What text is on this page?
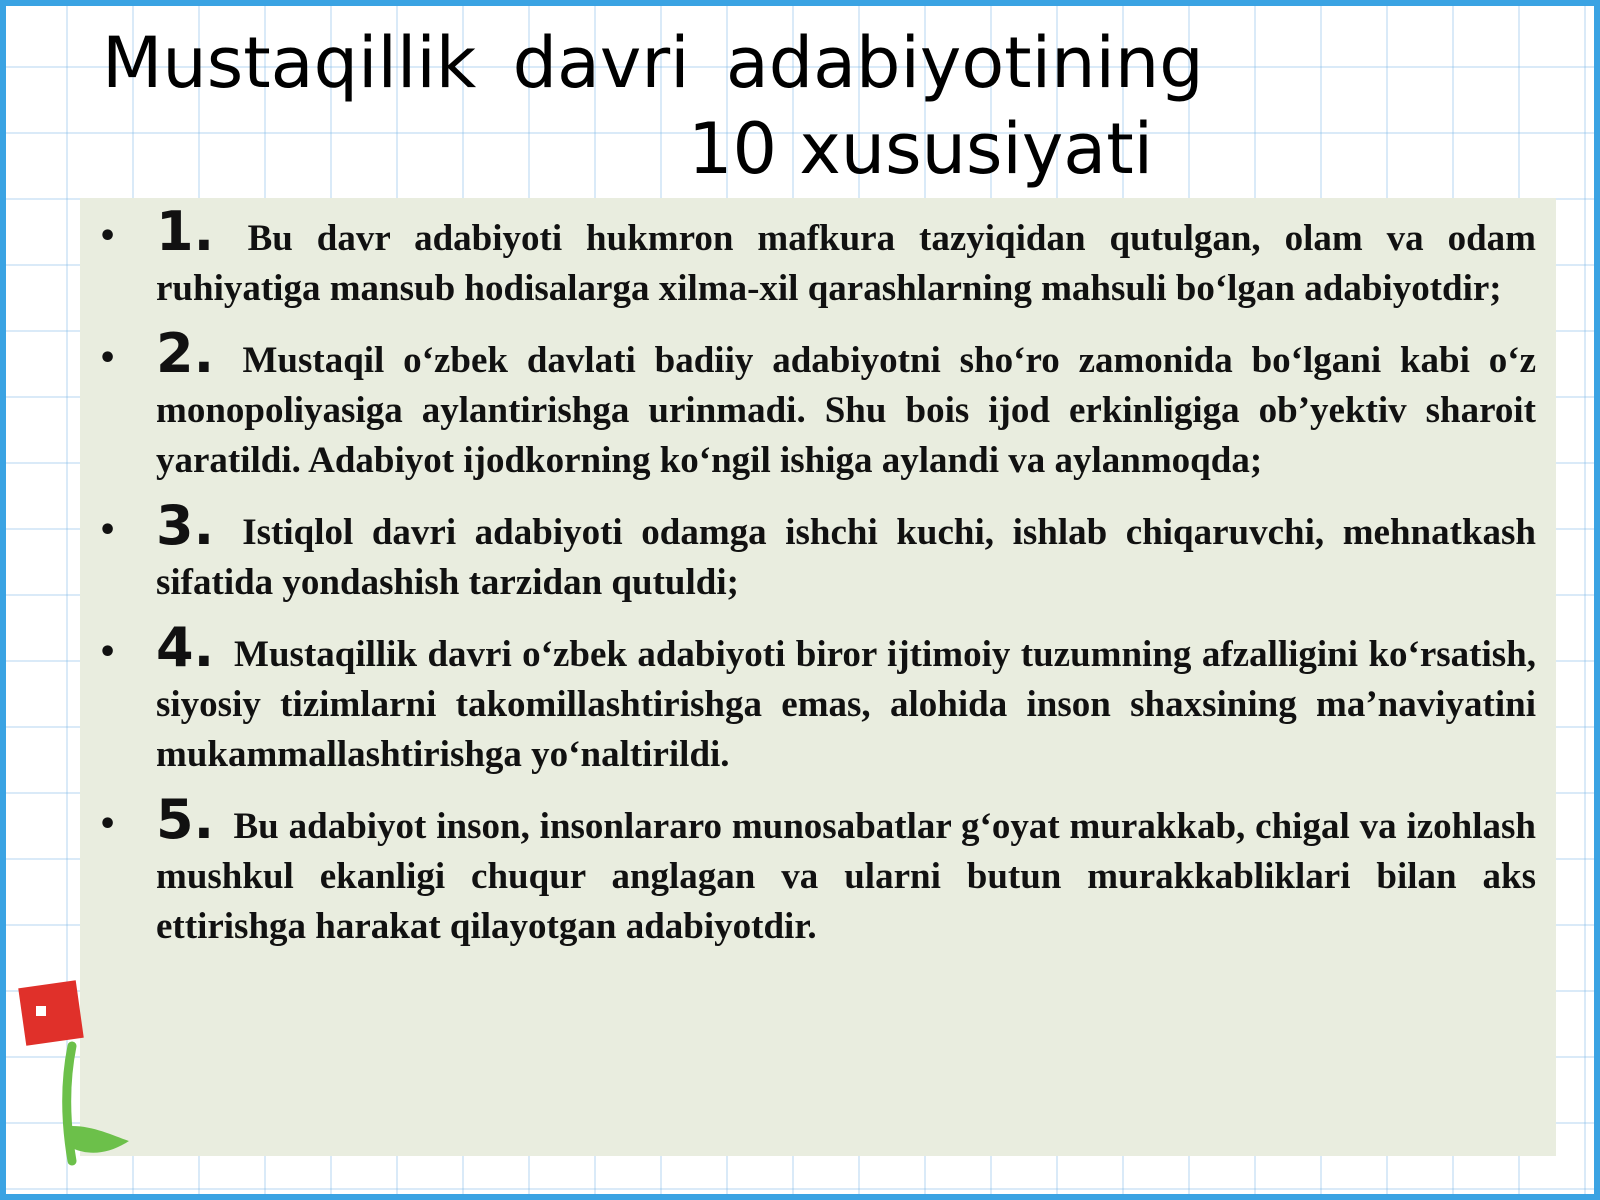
Mustaqillik davri adabiyotining
10 xususiyati
• 1. Bu davr adabiyoti hukmron mafkura tazyiqidan qutulgan, olam va odam ruhiyatiga mansub hodisalarga xilma-xil qarashlarning mahsuli bo‘lgan adabiyotdir;
• 2. Mustaqil o‘zbek davlati badiiy adabiyotni sho‘ro zamonida bo‘lgani kabi o‘z monopoliyasiga aylantirishga urinmadi. Shu bois ijod erkinligiga ob’yektiv sharoit yaratildi. Adabiyot ijodkorning ko‘ngil ishiga aylandi va aylanmoqda;
• 3. Istiqlol davri adabiyoti odamga ishchi kuchi, ishlab chiqaruvchi, mehnatkash sifatida yondashish tarzidan qutuldi;
• 4. Mustaqillik davri o‘zbek adabiyoti biror ijtimoiy tuzumning afzalligini ko‘rsatish, siyosiy tizimlarni takomillashtirishga emas, alohida inson shaxsining ma’naviyatini mukammallashtirishga yo‘naltirildi.
• 5. Bu adabiyot inson, insonlararo munosabatlar g‘oyat murakkab, chigal va izohlash mushkul ekanligi chuqur anglagan va ularni butun murakkabliklari bilan aks ettirishga harakat qilayotgan adabiyotdir.
